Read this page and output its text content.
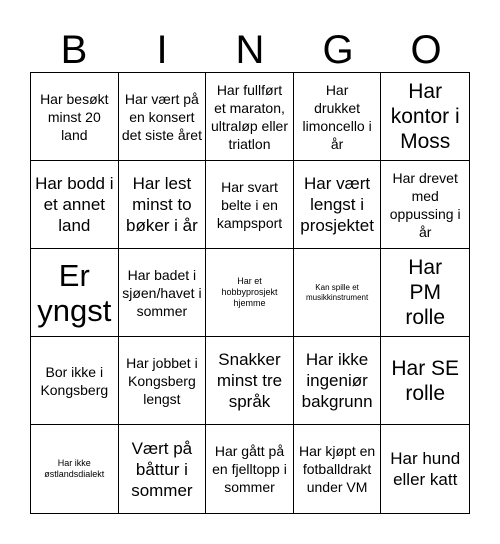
B	I	N	G	O
Har besøkt minst 20 land
Har vært på en konsert det siste året
Har fullført et maraton, ultraløp eller triatlon
Har drukket limoncello i år
Har kontor i Moss
Har bodd i et annet land
Har lest minst to bøker i år
Har svart belte i en kampsport
Har vært lengst i prosjektet
Har drevet med oppussing i år
Er yngst
Har badet i sjøen/havet i sommer
Har et hobbyprosjekt hjemme
Kan spille et musikkinstrument
Har PM rolle
Bor ikke i Kongsberg
Har jobbet i Kongsberg lengst
Snakker minst tre språk
Har ikke ingeniør bakgrunn
Har SE rolle
Har ikke østlandsdialekt
Vært på båttur i sommer
Har gått på en fjelltopp i sommer
Har kjøpt en fotballdrakt under VM
Har hund eller katt
